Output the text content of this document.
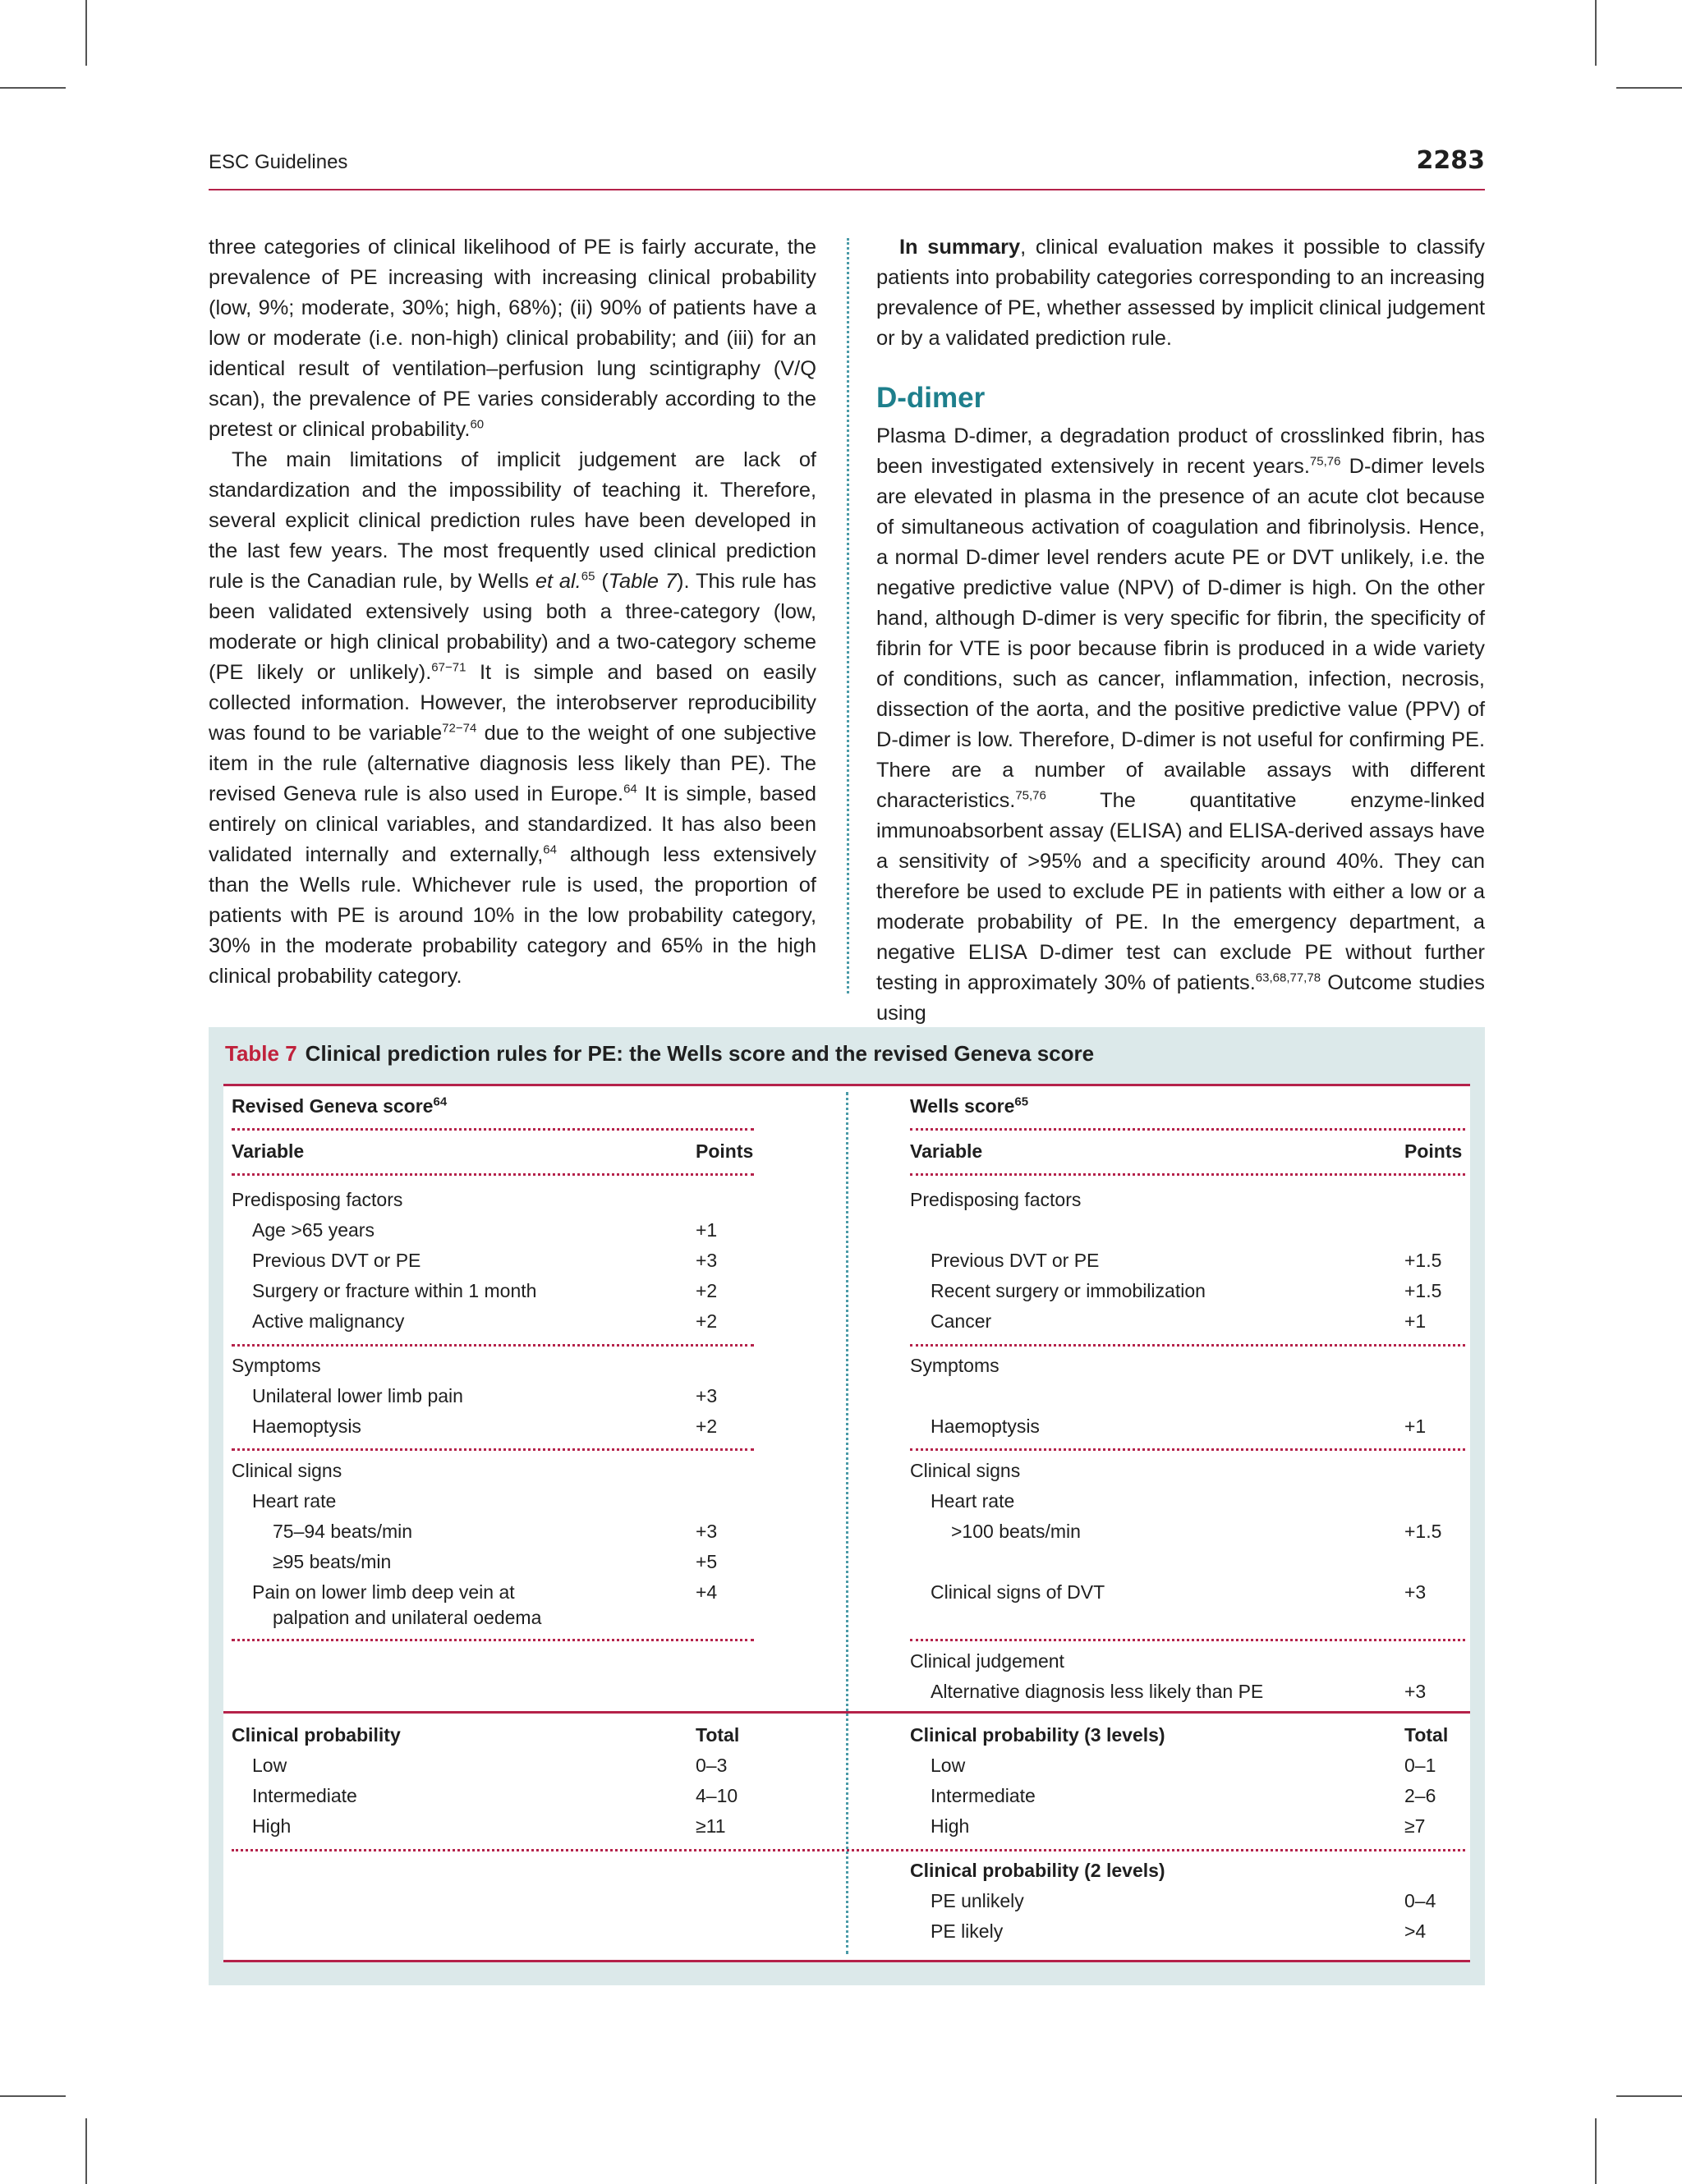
ESC Guidelines	2283

three categories of clinical likelihood of PE is fairly accurate, the prevalence of PE increasing with increasing clinical probability (low, 9%; moderate, 30%; high, 68%); (ii) 90% of patients have a low or moderate (i.e. non-high) clinical probability; and (iii) for an identical result of ventilation–perfusion lung scintigraphy (V/Q scan), the prevalence of PE varies considerably according to the pretest or clinical probability.$^{60}$

The main limitations of implicit judgement are lack of standardization and the impossibility of teaching it. Therefore, several explicit clinical prediction rules have been developed in the last few years. The most frequently used clinical prediction rule is the Canadian rule, by Wells et al.$^{65}$ (Table 7). This rule has been validated extensively using both a three-category (low, moderate or high clinical probability) and a two-category scheme (PE likely or unlikely).$^{67-71}$ It is simple and based on easily collected information. However, the interobserver reproducibility was found to be variable$^{72-74}$ due to the weight of one subjective item in the rule (alternative diagnosis less likely than PE). The revised Geneva rule is also used in Europe.$^{64}$ It is simple, based entirely on clinical variables, and standardized. It has also been validated internally and externally,$^{64}$ although less extensively than the Wells rule. Whichever rule is used, the proportion of patients with PE is around 10% in the low probability category, 30% in the moderate probability category and 65% in the high clinical probability category.

In summary, clinical evaluation makes it possible to classify patients into probability categories corresponding to an increasing prevalence of PE, whether assessed by implicit clinical judgement or by a validated prediction rule.

D-dimer

Plasma D-dimer, a degradation product of crosslinked fibrin, has been investigated extensively in recent years.$^{75,76}$ D-dimer levels are elevated in plasma in the presence of an acute clot because of simultaneous activation of coagulation and fibrinolysis. Hence, a normal D-dimer level renders acute PE or DVT unlikely, i.e. the negative predictive value (NPV) of D-dimer is high. On the other hand, although D-dimer is very specific for fibrin, the specificity of fibrin for VTE is poor because fibrin is produced in a wide variety of conditions, such as cancer, inflammation, infection, necrosis, dissection of the aorta, and the positive predictive value (PPV) of D-dimer is low. Therefore, D-dimer is not useful for confirming PE. There are a number of available assays with different characteristics.$^{75,76}$ The quantitative enzyme-linked immunoabsorbent assay (ELISA) and ELISA-derived assays have a sensitivity of >95% and a specificity around 40%. They can therefore be used to exclude PE in patients with either a low or a moderate probability of PE. In the emergency department, a negative ELISA D-dimer test can exclude PE without further testing in approximately 30% of patients.$^{63,68,77,78}$ Outcome studies using

Table 7 Clinical prediction rules for PE: the Wells score and the revised Geneva score
Revised Geneva score$^{64}$
Variable	Points
Predisposing factors
Age >65 years	+1
Previous DVT or PE	+3
Surgery or fracture within 1 month	+2
Active malignancy	+2
Symptoms
Unilateral lower limb pain	+3
Haemoptysis	+2
Clinical signs
Heart rate
75–94 beats/min	+3
≥95 beats/min	+5
Pain on lower limb deep vein at	+4
palpation and unilateral oedema
Wells score$^{65}$
Variable	Points
Predisposing factors
Previous DVT or PE	+1.5
Recent surgery or immobilization	+1.5
Cancer	+1
Symptoms
Haemoptysis	+1
Clinical signs
Heart rate
>100 beats/min	+1.5
Clinical signs of DVT	+3
Clinical judgement
Alternative diagnosis less likely than PE	+3
Clinical probability	Total
Low	0–3
Intermediate	4–10
High	≥11
Clinical probability (3 levels)	Total
Low	0–1
Intermediate	2–6
High	≥7
Clinical probability (2 levels)
PE unlikely	0–4
PE likely	>4
